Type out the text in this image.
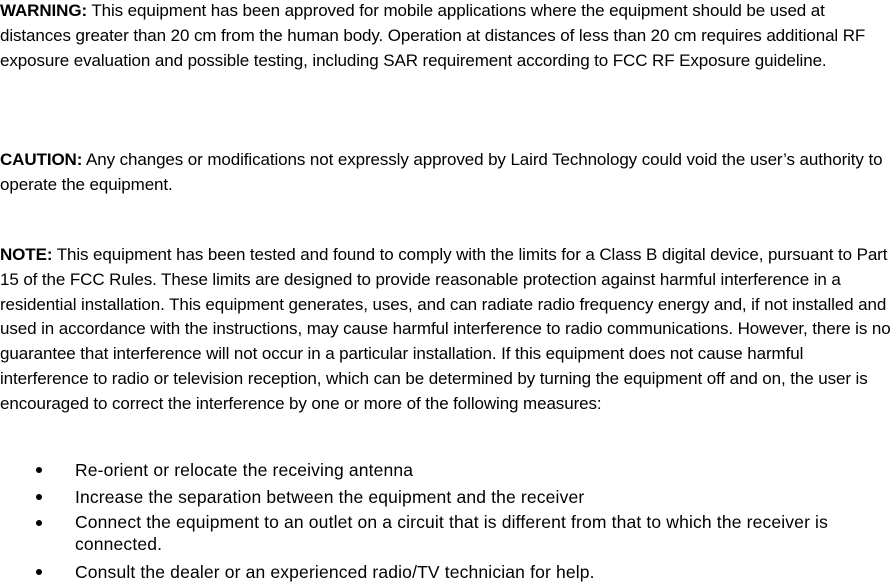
WARNING: This equipment has been approved for mobile applications where the equipment should be used at distances greater than 20 cm from the human body. Operation at distances of less than 20 cm requires additional RF exposure evaluation and possible testing, including SAR requirement according to FCC RF Exposure guideline.

CAUTION: Any changes or modifications not expressly approved by Laird Technology could void the user’s authority to operate the equipment.

NOTE: This equipment has been tested and found to comply with the limits for a Class B digital device, pursuant to Part 15 of the FCC Rules. These limits are designed to provide reasonable protection against harmful interference in a residential installation. This equipment generates, uses, and can radiate radio frequency energy and, if not installed and used in accordance with the instructions, may cause harmful interference to radio communications. However, there is no guarantee that interference will not occur in a particular installation. If this equipment does not cause harmful interference to radio or television reception, which can be determined by turning the equipment off and on, the user is encouraged to correct the interference by one or more of the following measures:

Re-orient or relocate the receiving antenna
Increase the separation between the equipment and the receiver
Connect the equipment to an outlet on a circuit that is different from that to which the receiver is connected.
Consult the dealer or an experienced radio/TV technician for help.
